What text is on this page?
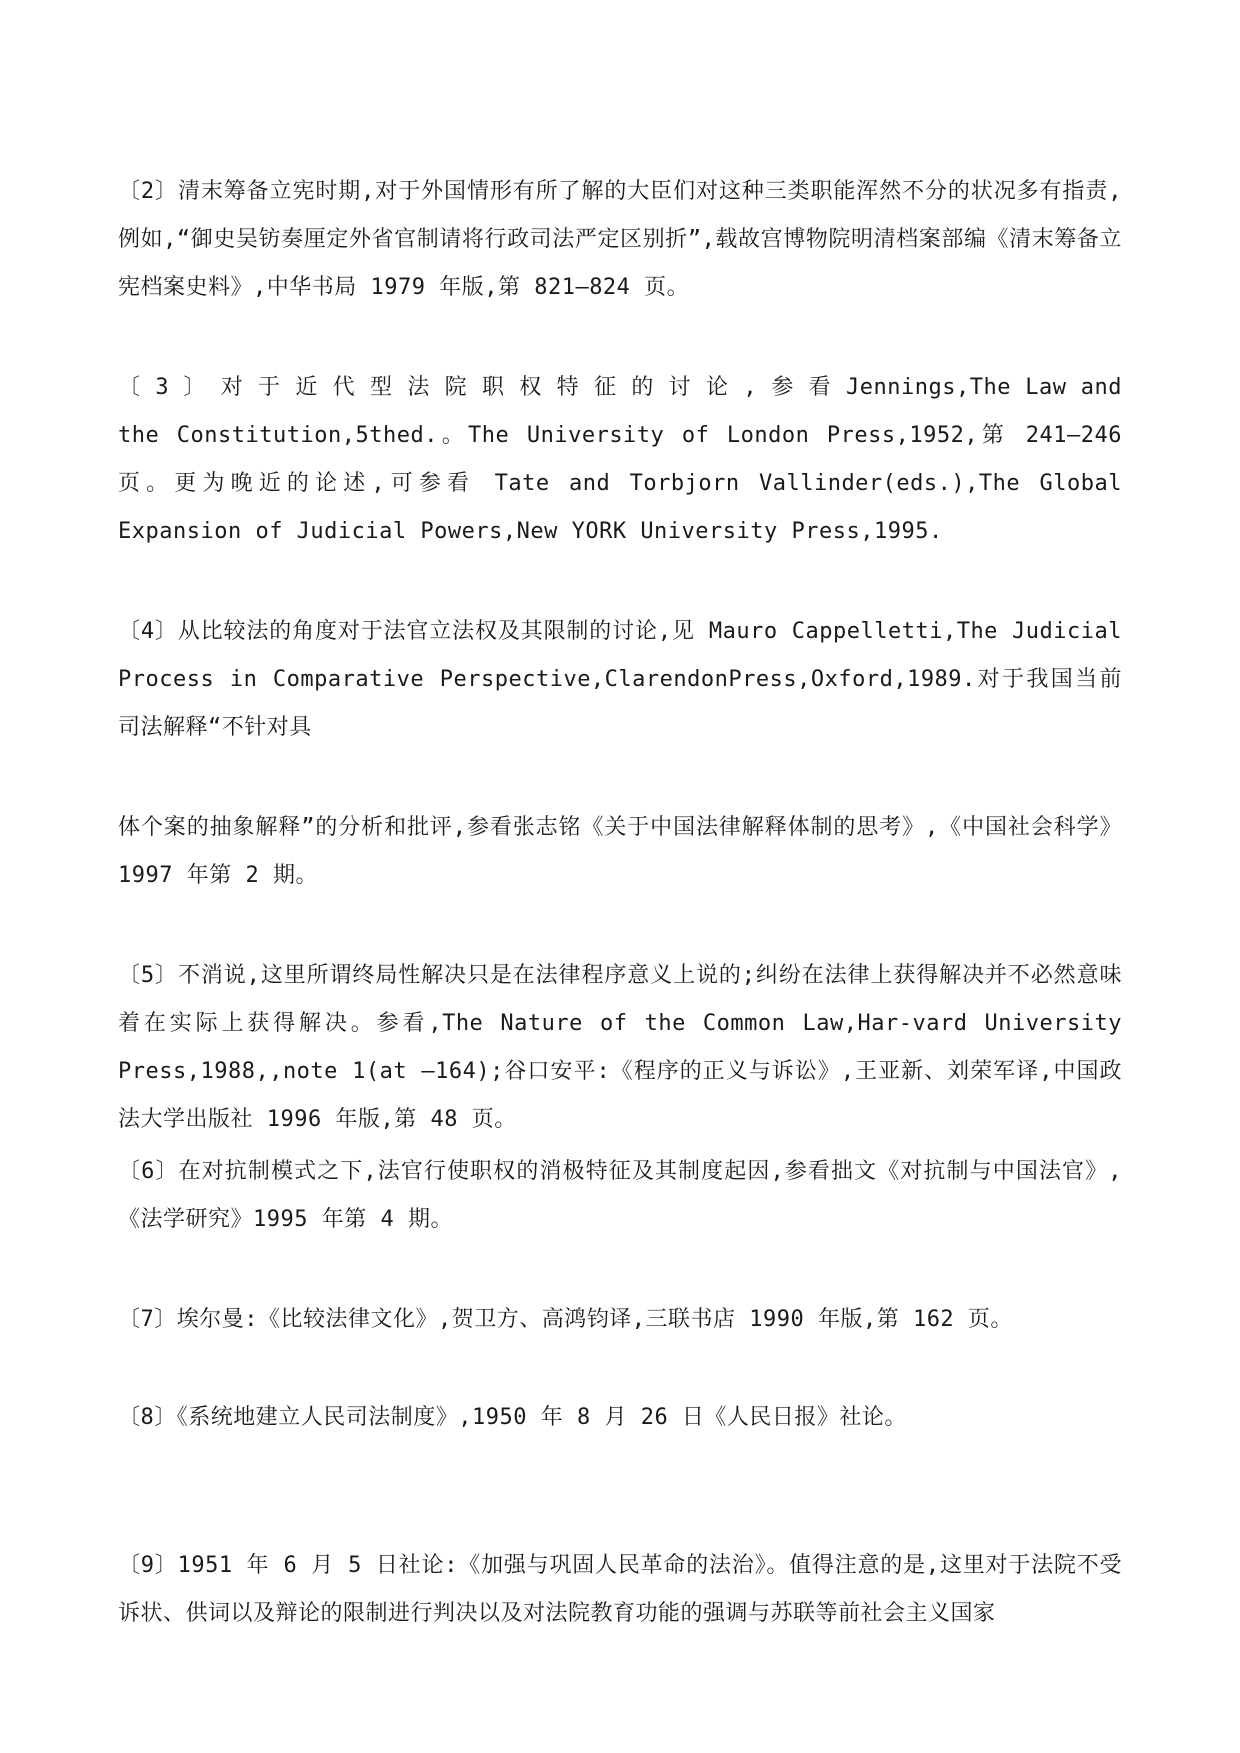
〔2〕清末筹备立宪时期,对于外国情形有所了解的大臣们对这种三类职能浑然不分的状况多有指责,例如,“御史吴钫奏厘定外省官制请将行政司法严定区别折”,载故宫博物院明清档案部编《清末筹备立宪档案史料》,中华书局 1979 年版,第 821—824 页。

〔 3 〕 对 于 近 代 型 法 院 职 权 特 征 的 讨 论 , 参 看 Jennings,The Law and the Constitution,5thed.。The University of London Press,1952,第 241—246 页。更为晚近的论述,可参看 Tate and Torbjorn Vallinder(eds.),The Global Expansion of Judicial Powers,New YORK University Press,1995.

〔4〕从比较法的角度对于法官立法权及其限制的讨论,见 Mauro Cappelletti,The Judicial Process in Comparative Perspective,ClarendonPress,Oxford,1989.对于我国当前司法解释“不针对具

体个案的抽象解释”的分析和批评,参看张志铭《关于中国法律解释体制的思考》,《中国社会科学》1997 年第 2 期。

〔5〕不消说,这里所谓终局性解决只是在法律程序意义上说的;纠纷在法律上获得解决并不必然意味着在实际上获得解决。参看,The Nature of the Common Law,Har-vard University Press,1988,,note 1(at —164);谷口安平:《程序的正义与诉讼》,王亚新、刘荣军译,中国政法大学出版社 1996 年版,第 48 页。

〔6〕在对抗制模式之下,法官行使职权的消极特征及其制度起因,参看拙文《对抗制与中国法官》,《法学研究》1995 年第 4 期。

〔7〕埃尔曼:《比较法律文化》,贺卫方、高鸿钧译,三联书店 1990 年版,第 162 页。

〔8〕《系统地建立人民司法制度》,1950 年 8 月 26 日《人民日报》社论。

〔9〕1951 年 6 月 5 日社论:《加强与巩固人民革命的法治》。值得注意的是,这里对于法院不受诉状、供词以及辩论的限制进行判决以及对法院教育功能的强调与苏联等前社会主义国家
